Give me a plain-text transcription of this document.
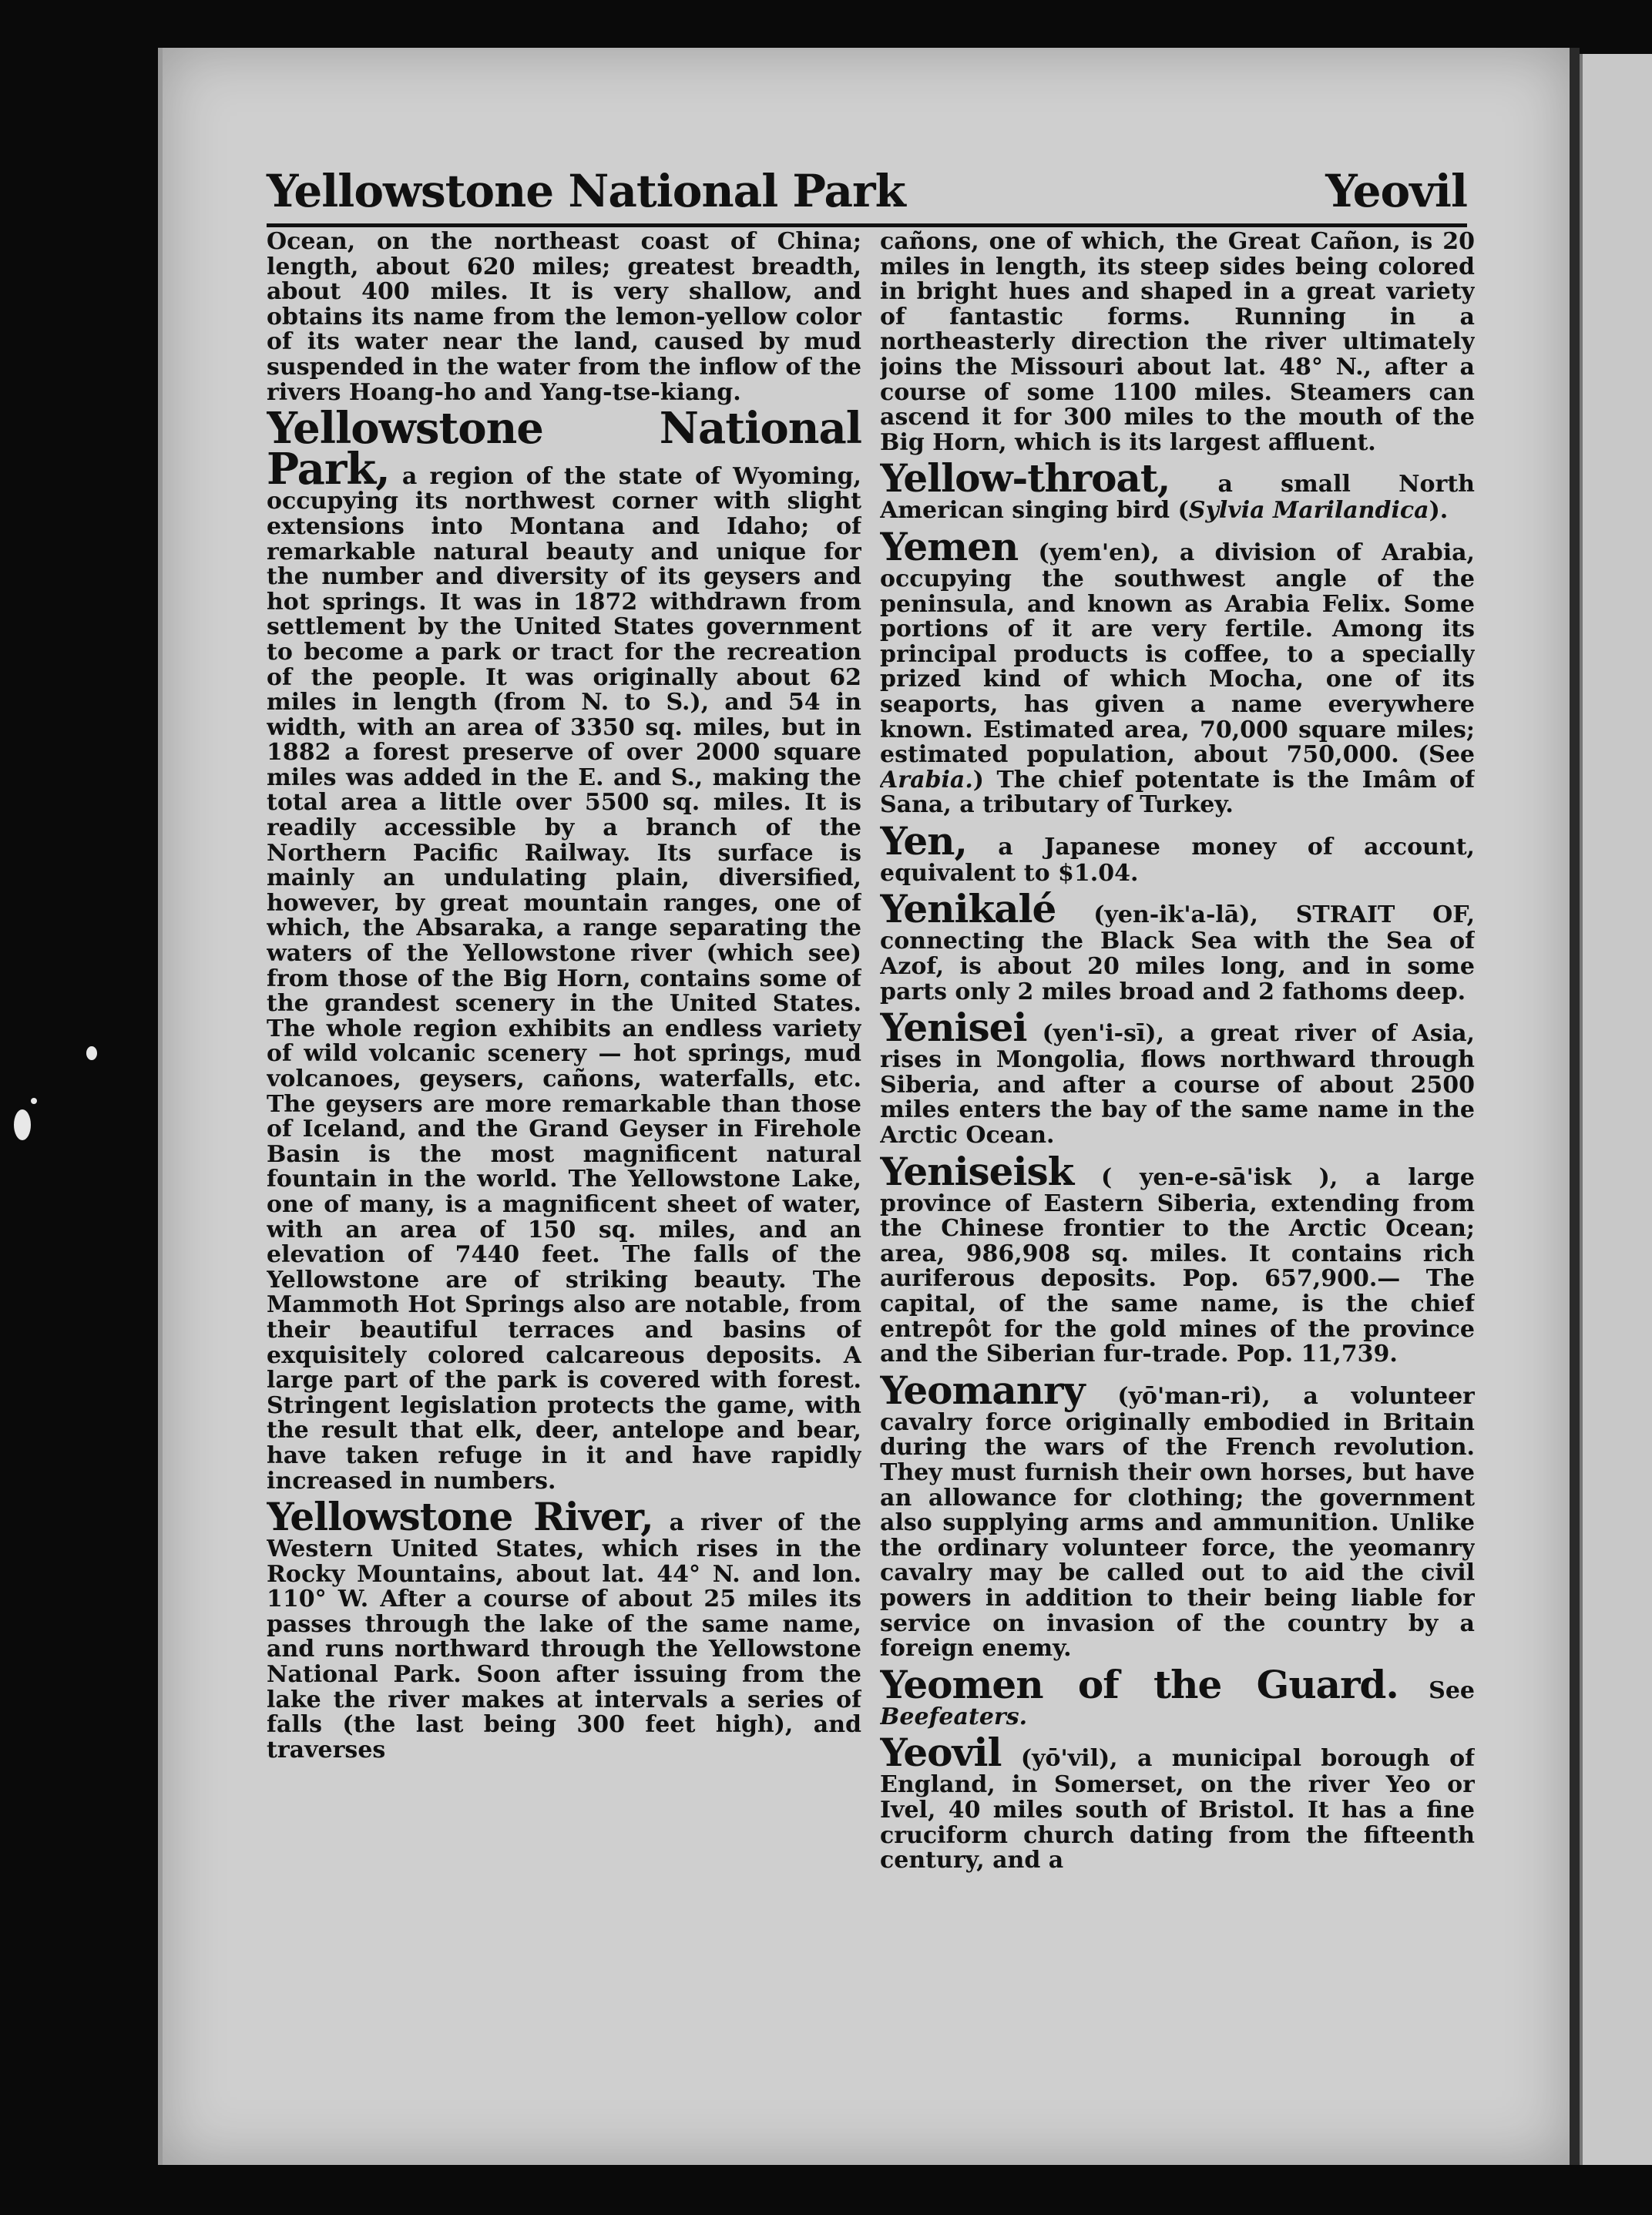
Yellowstone National Park	Yeovil

Ocean, on the northeast coast of China; length, about 620 miles; greatest breadth, about 400 miles. It is very shallow, and obtains its name from the lemon-yellow color of its water near the land, caused by mud suspended in the water from the inflow of the rivers Hoang-ho and Yang-tse-kiang.

Yellowstone National Park, a region of the state of Wyoming, occupying its northwest corner with slight extensions into Montana and Idaho; of remarkable natural beauty and unique for the number and diversity of its geysers and hot springs. It was in 1872 withdrawn from settlement by the United States government to become a park or tract for the recreation of the people. It was originally about 62 miles in length (from N. to S.), and 54 in width, with an area of 3350 sq. miles, but in 1882 a forest preserve of over 2000 square miles was added in the E. and S., making the total area a little over 5500 sq. miles. It is readily accessible by a branch of the Northern Pacific Railway. Its surface is mainly an undulating plain, diversified, however, by great mountain ranges, one of which, the Absaraka, a range separating the waters of the Yellowstone river (which see) from those of the Big Horn, contains some of the grandest scenery in the United States. The whole region exhibits an endless variety of wild volcanic scenery — hot springs, mud volcanoes, geysers, cañons, waterfalls, etc. The geysers are more remarkable than those of Iceland, and the Grand Geyser in Firehole Basin is the most magnificent natural fountain in the world. The Yellowstone Lake, one of many, is a magnificent sheet of water, with an area of 150 sq. miles, and an elevation of 7440 feet. The falls of the Yellowstone are of striking beauty. The Mammoth Hot Springs also are notable, from their beautiful terraces and basins of exquisitely colored calcareous deposits. A large part of the park is covered with forest. Stringent legislation protects the game, with the result that elk, deer, antelope and bear, have taken refuge in it and have rapidly increased in numbers.

Yellowstone River, a river of the Western United States, which rises in the Rocky Mountains, about lat. 44° N. and lon. 110° W. After a course of about 25 miles its passes through the lake of the same name, and runs northward through the Yellowstone National Park. Soon after issuing from the lake the river makes at intervals a series of falls (the last being 300 feet high), and traverses

cañons, one of which, the Great Cañon, is 20 miles in length, its steep sides being colored in bright hues and shaped in a great variety of fantastic forms. Running in a northeasterly direction the river ultimately joins the Missouri about lat. 48° N., after a course of some 1100 miles. Steamers can ascend it for 300 miles to the mouth of the Big Horn, which is its largest affluent.

Yellow-throat, a small North American singing bird (Sylvia Marilandica).

Yemen (yem'en), a division of Arabia, occupying the southwest angle of the peninsula, and known as Arabia Felix. Some portions of it are very fertile. Among its principal products is coffee, to a specially prized kind of which Mocha, one of its seaports, has given a name everywhere known. Estimated area, 70,000 square miles; estimated population, about 750,000. (See Arabia.) The chief potentate is the Imâm of Sana, a tributary of Turkey.

Yen, a Japanese money of account, equivalent to $1.04.

Yenikalé (yen-ik'a-lā), STRAIT OF, connecting the Black Sea with the Sea of Azof, is about 20 miles long, and in some parts only 2 miles broad and 2 fathoms deep.

Yenisei (yen'i-sī), a great river of Asia, rises in Mongolia, flows northward through Siberia, and after a course of about 2500 miles enters the bay of the same name in the Arctic Ocean.

Yeniseisk ( yen-e-sā'isk ), a large province of Eastern Siberia, extending from the Chinese frontier to the Arctic Ocean; area, 986,908 sq. miles. It contains rich auriferous deposits. Pop. 657,900.— The capital, of the same name, is the chief entrepôt for the gold mines of the province and the Siberian fur-trade. Pop. 11,739.

Yeomanry (yō'man-ri), a volunteer cavalry force originally embodied in Britain during the wars of the French revolution. They must furnish their own horses, but have an allowance for clothing; the government also supplying arms and ammunition. Unlike the ordinary volunteer force, the yeomanry cavalry may be called out to aid the civil powers in addition to their being liable for service on invasion of the country by a foreign enemy.

Yeomen of the Guard. See Beefeaters.

Yeovil (yō'vil), a municipal borough of England, in Somerset, on the river Yeo or Ivel, 40 miles south of Bristol. It has a fine cruciform church dating from the fifteenth century, and a
